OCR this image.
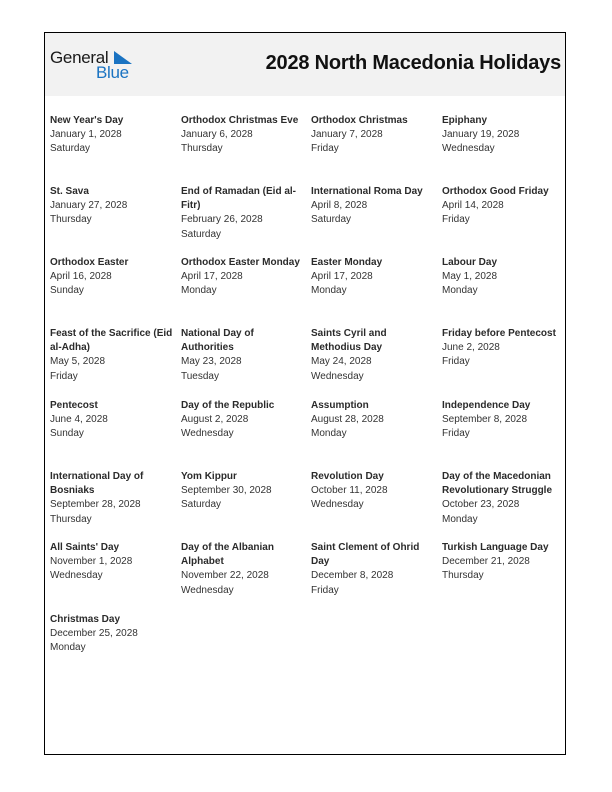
General
Blue	2028 North Macedonia Holidays
New Year's Day
January 1, 2028
Saturday
Orthodox Christmas Eve
January 6, 2028
Thursday
Orthodox Christmas
January 7, 2028
Friday
Epiphany
January 19, 2028
Wednesday
St. Sava
January 27, 2028
Thursday
End of Ramadan (Eid al-Fitr)
February 26, 2028
Saturday
International Roma Day
April 8, 2028
Saturday
Orthodox Good Friday
April 14, 2028
Friday
Orthodox Easter
April 16, 2028
Sunday
Orthodox Easter Monday
April 17, 2028
Monday
Easter Monday
April 17, 2028
Monday
Labour Day
May 1, 2028
Monday
Feast of the Sacrifice (Eid al-Adha)
May 5, 2028
Friday
National Day of Authorities
May 23, 2028
Tuesday
Saints Cyril and Methodius Day
May 24, 2028
Wednesday
Friday before Pentecost
June 2, 2028
Friday
Pentecost
June 4, 2028
Sunday
Day of the Republic
August 2, 2028
Wednesday
Assumption
August 28, 2028
Monday
Independence Day
September 8, 2028
Friday
International Day of Bosniaks
September 28, 2028
Thursday
Yom Kippur
September 30, 2028
Saturday
Revolution Day
October 11, 2028
Wednesday
Day of the Macedonian Revolutionary Struggle
October 23, 2028
Monday
All Saints' Day
November 1, 2028
Wednesday
Day of the Albanian Alphabet
November 22, 2028
Wednesday
Saint Clement of Ohrid Day
December 8, 2028
Friday
Turkish Language Day
December 21, 2028
Thursday
Christmas Day
December 25, 2028
Monday
